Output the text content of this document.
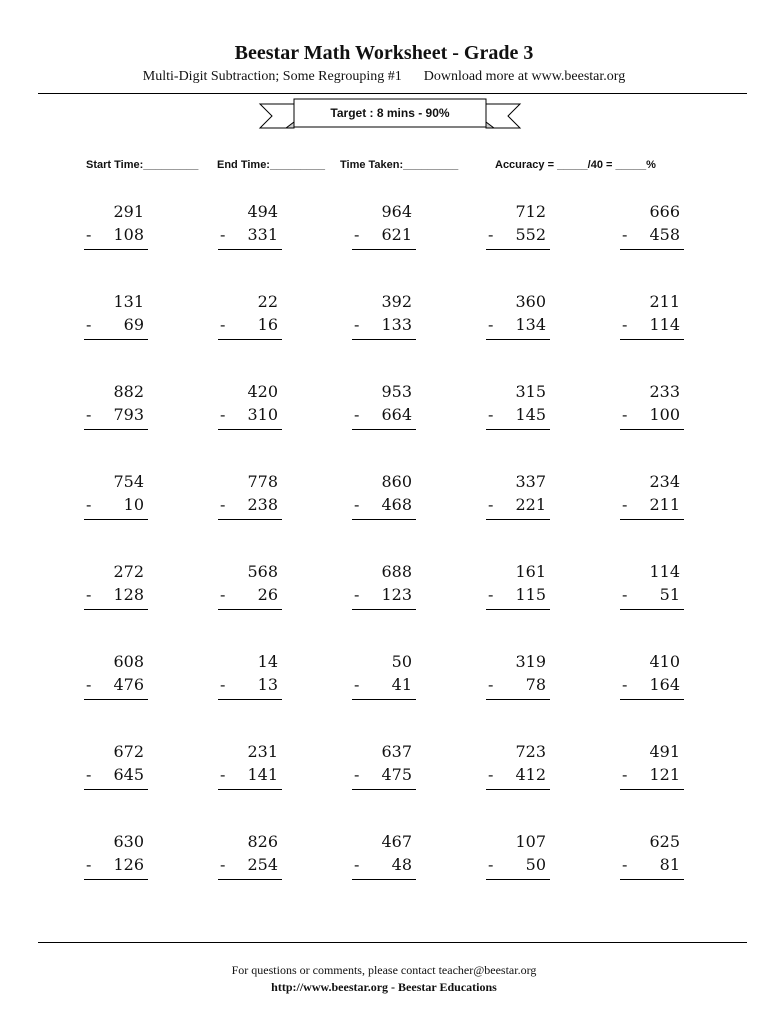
Beestar Math Worksheet - Grade 3
Multi-Digit Subtraction; Some Regrouping #1 Download more at www.beestar.org
Target : 8 mins - 90%
Start Time:_________ End Time:_________ Time Taken:_________	Accuracy = _____/40 = _____%
291
- 108
494
- 331
964
- 621
712
- 552
666
- 458
131
- 69
22
- 16
392
- 133
360
- 134
211
- 114
882
- 793
420
- 310
953
- 664
315
- 145
233
- 100
754
- 10
778
- 238
860
- 468
337
- 221
234
- 211
272
- 128
568
- 26
688
- 123
161
- 115
114
- 51
608
- 476
14
- 13
50
- 41
319
- 78
410
- 164
672
- 645
231
- 141
637
- 475
723
- 412
491
- 121
630
- 126
826
- 254
467
- 48
107
- 50
625
- 81
For questions or comments, please contact teacher@beestar.org
http://www.beestar.org - Beestar Educations
